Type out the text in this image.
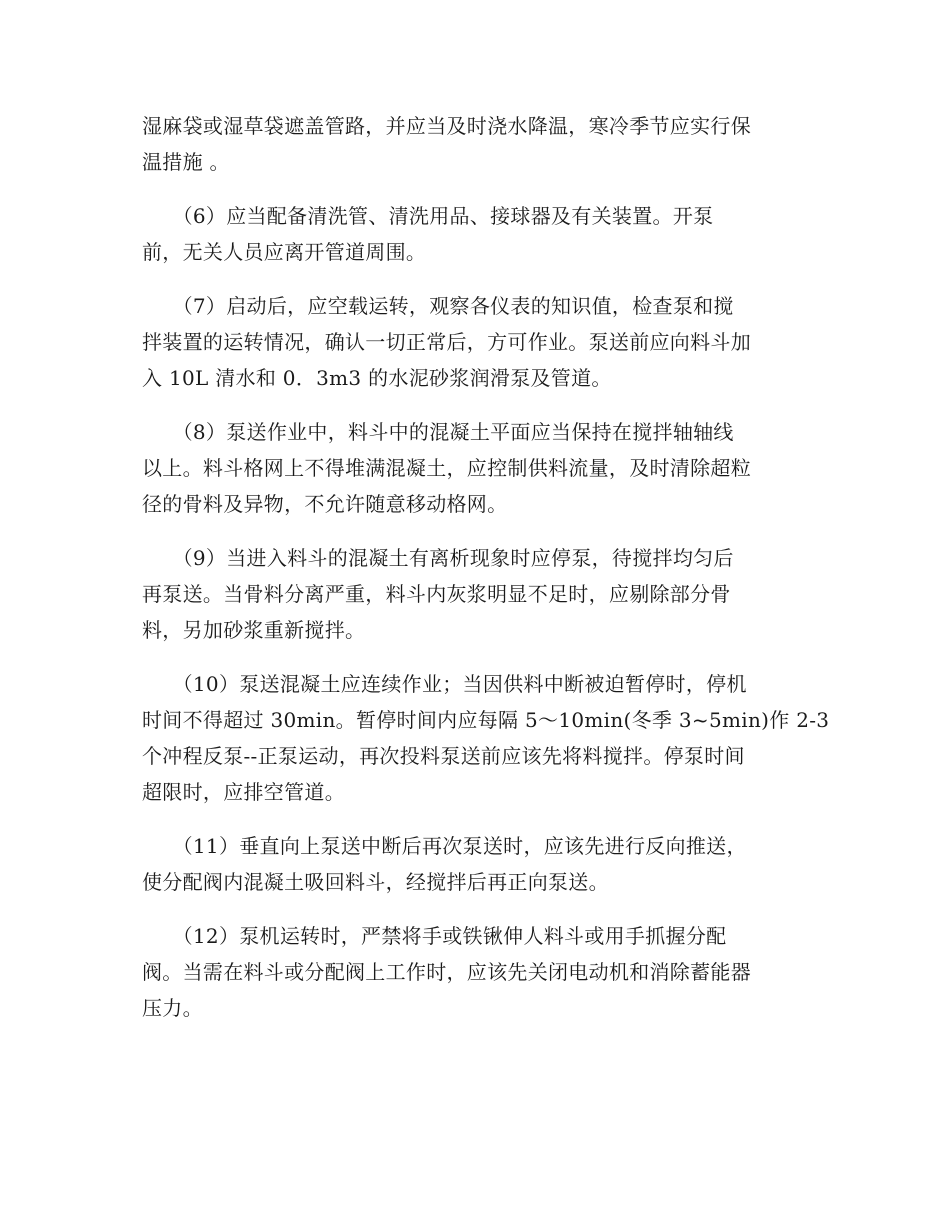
湿麻袋或湿草袋遮盖管路，并应当及时浇水降温，寒冷季节应实行保
温措施 。
　　（6）应当配备清洗管、清洗用品、接球器及有关装置。开泵
前，无关人员应离开管道周围。
　　（7）启动后，应空载运转，观察各仪表的知识值，检查泵和搅
拌装置的运转情况，确认一切正常后，方可作业。泵送前应向料斗加
入 10L 清水和 0．3m3 的水泥砂浆润滑泵及管道。
　　（8）泵送作业中，料斗中的混凝土平面应当保持在搅拌轴轴线
以上。料斗格网上不得堆满混凝土，应控制供料流量，及时清除超粒
径的骨料及异物，不允许随意移动格网。
　　（9）当进入料斗的混凝土有离析现象时应停泵，待搅拌均匀后
再泵送。当骨料分离严重，料斗内灰浆明显不足时，应剔除部分骨
料，另加砂浆重新搅拌。
　　（10）泵送混凝土应连续作业；当因供料中断被迫暂停时，停机
时间不得超过 30min。暂停时间内应每隔 5～10min(冬季 3~5min)作 2-3
个冲程反泵--正泵运动，再次投料泵送前应该先将料搅拌。停泵时间
超限时，应排空管道。
　　（11）垂直向上泵送中断后再次泵送时，应该先进行反向推送，
使分配阀内混凝土吸回料斗，经搅拌后再正向泵送。
　　（12）泵机运转时，严禁将手或铁锹伸人料斗或用手抓握分配
阀。当需在料斗或分配阀上工作时，应该先关闭电动机和消除蓄能器
压力。
